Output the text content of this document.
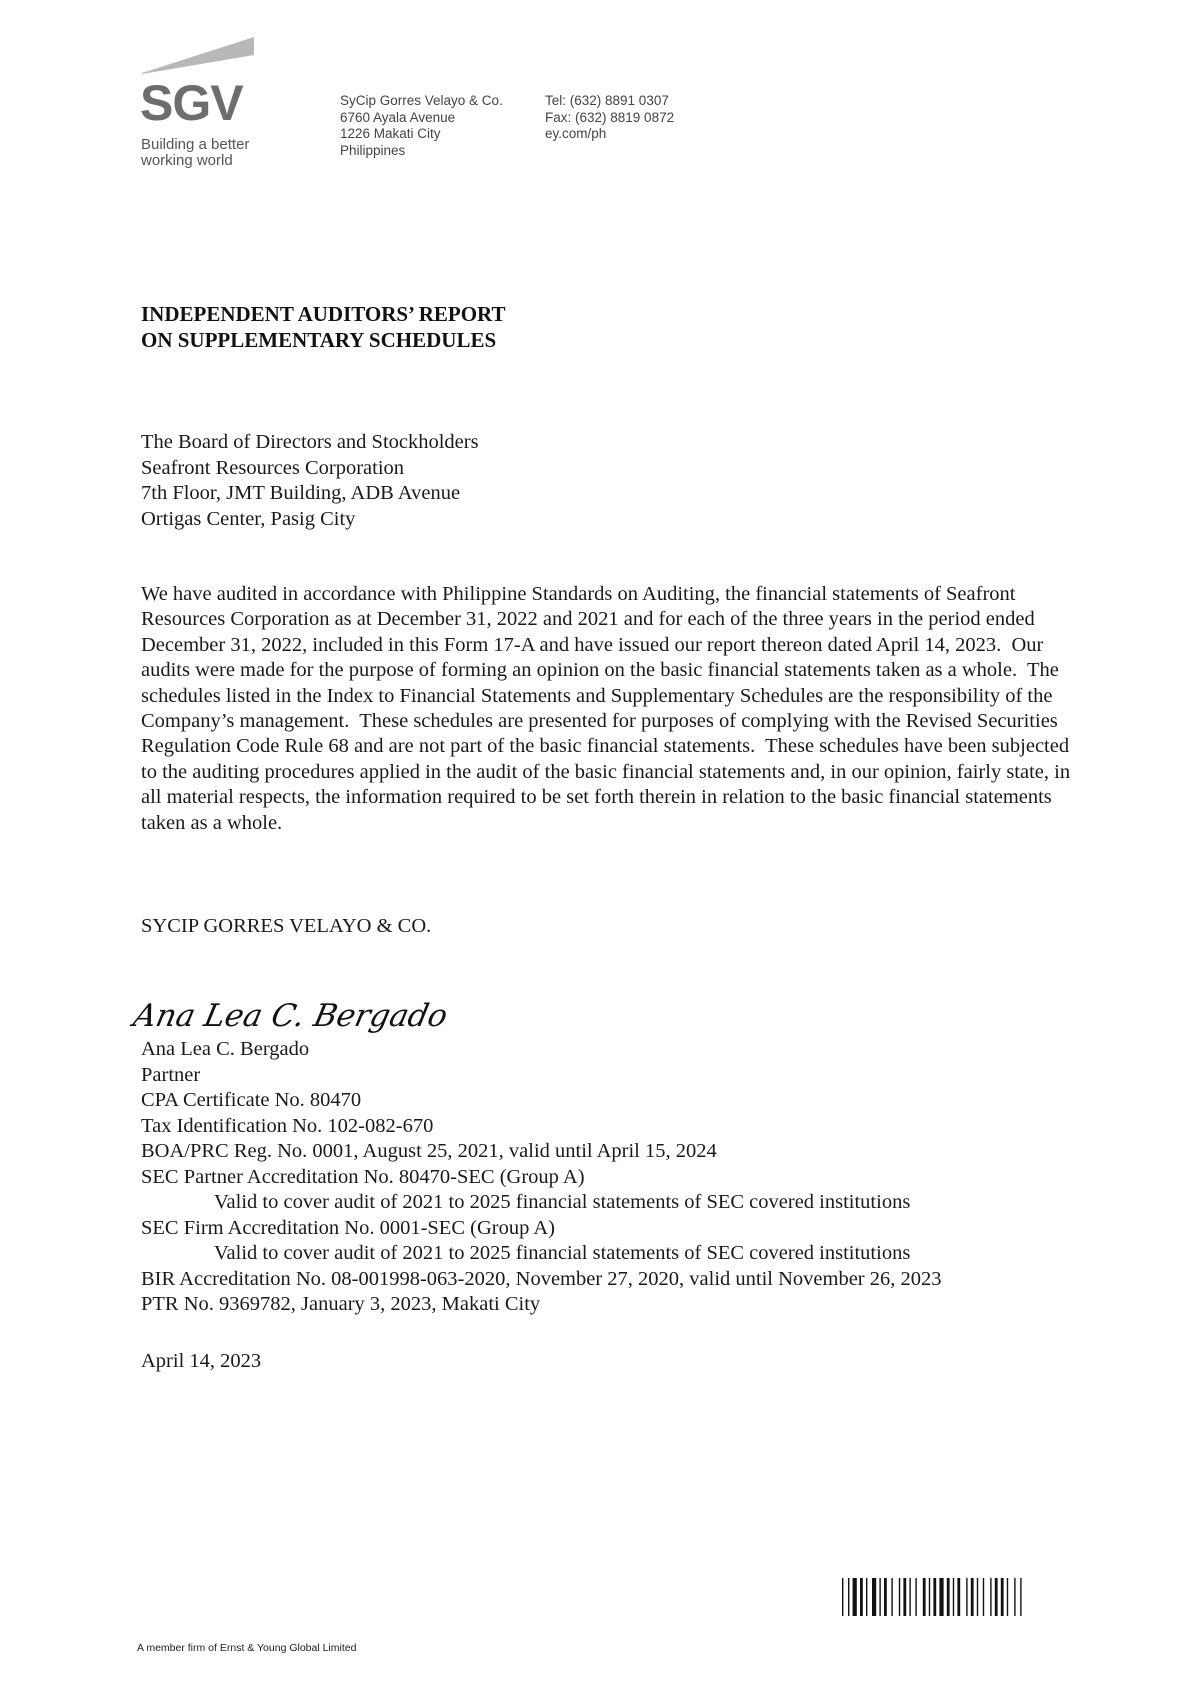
SGV
Building a better
working world
SyCip Gorres Velayo & Co.
6760 Ayala Avenue
1226 Makati City
Philippines
Tel: (632) 8891 0307
Fax: (632) 8819 0872
ey.com/ph
INDEPENDENT AUDITORS’ REPORT
ON SUPPLEMENTARY SCHEDULES
The Board of Directors and Stockholders
Seafront Resources Corporation
7th Floor, JMT Building, ADB Avenue
Ortigas Center, Pasig City
We have audited in accordance with Philippine Standards on Auditing, the financial statements of Seafront Resources Corporation as at December 31, 2022 and 2021 and for each of the three years in the period ended December 31, 2022, included in this Form 17-A and have issued our report thereon dated April 14, 2023.  Our audits were made for the purpose of forming an opinion on the basic financial statements taken as a whole.  The schedules listed in the Index to Financial Statements and Supplementary Schedules are the responsibility of the Company’s management.  These schedules are presented for purposes of complying with the Revised Securities Regulation Code Rule 68 and are not part of the basic financial statements.  These schedules have been subjected to the auditing procedures applied in the audit of the basic financial statements and, in our opinion, fairly state, in all material respects, the information required to be set forth therein in relation to the basic financial statements taken as a whole.
SYCIP GORRES VELAYO & CO.
Ana Lea C. Bergado
Ana Lea C. Bergado
Partner
CPA Certificate No. 80470
Tax Identification No. 102-082-670
BOA/PRC Reg. No. 0001, August 25, 2021, valid until April 15, 2024
SEC Partner Accreditation No. 80470-SEC (Group A)
Valid to cover audit of 2021 to 2025 financial statements of SEC covered institutions
SEC Firm Accreditation No. 0001-SEC (Group A)
Valid to cover audit of 2021 to 2025 financial statements of SEC covered institutions
BIR Accreditation No. 08-001998-063-2020, November 27, 2020, valid until November 26, 2023
PTR No. 9369782, January 3, 2023, Makati City
April 14, 2023
A member firm of Ernst & Young Global Limited
